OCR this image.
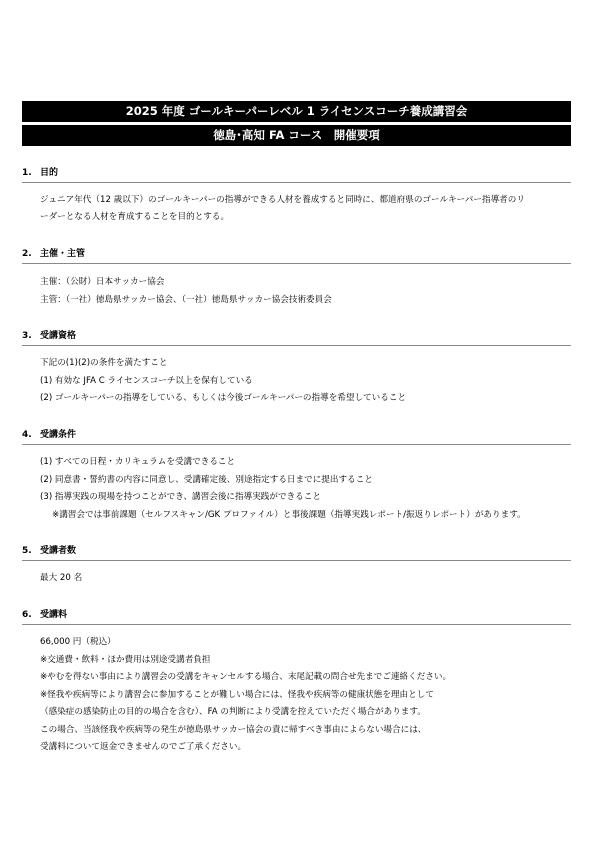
2025 年度 ゴールキーパーレベル 1 ライセンスコーチ養成講習会
徳島･高知 FA コース　開催要項
1. 目的
ジュニア年代（12 歳以下）のゴールキーパーの指導ができる人材を養成すると同時に、都道府県のゴールキーパー指導者のリ
ーダーとなる人材を育成することを目的とする。
2. 主催・主管
主催：（公財）日本サッカー協会
主管：（一社）徳島県サッカー協会、（一社）徳島県サッカー協会技術委員会
3. 受講資格
下記の(1)(2)の条件を満たすこと
(1) 有効な JFA C ライセンスコーチ以上を保有している
(2) ゴールキーパーの指導をしている、もしくは今後ゴールキーパーの指導を希望していること
4. 受講条件
(1) すべての日程・カリキュラムを受講できること
(2) 同意書・誓約書の内容に同意し、受講確定後、別途指定する日までに提出すること
(3) 指導実践の現場を持つことができ、講習会後に指導実践ができること
※講習会では事前課題（セルフスキャン/GK プロファイル）と事後課題（指導実践レポート/振返りレポート）があります。
5. 受講者数
最大 20 名
6. 受講料
66,000 円（税込）
※交通費・飲料・ほか費用は別途受講者負担
※やむを得ない事由により講習会の受講をキャンセルする場合、末尾記載の問合せ先までご連絡ください。
※怪我や疾病等により講習会に参加することが難しい場合には、怪我や疾病等の健康状態を理由として
（感染症の感染防止の目的の場合を含む）、FA の判断により受講を控えていただく場合があります。
この場合、当該怪我や疾病等の発生が徳島県サッカー協会の責に帰すべき事由によらない場合には、
受講料について返金できませんのでご了承ください。
